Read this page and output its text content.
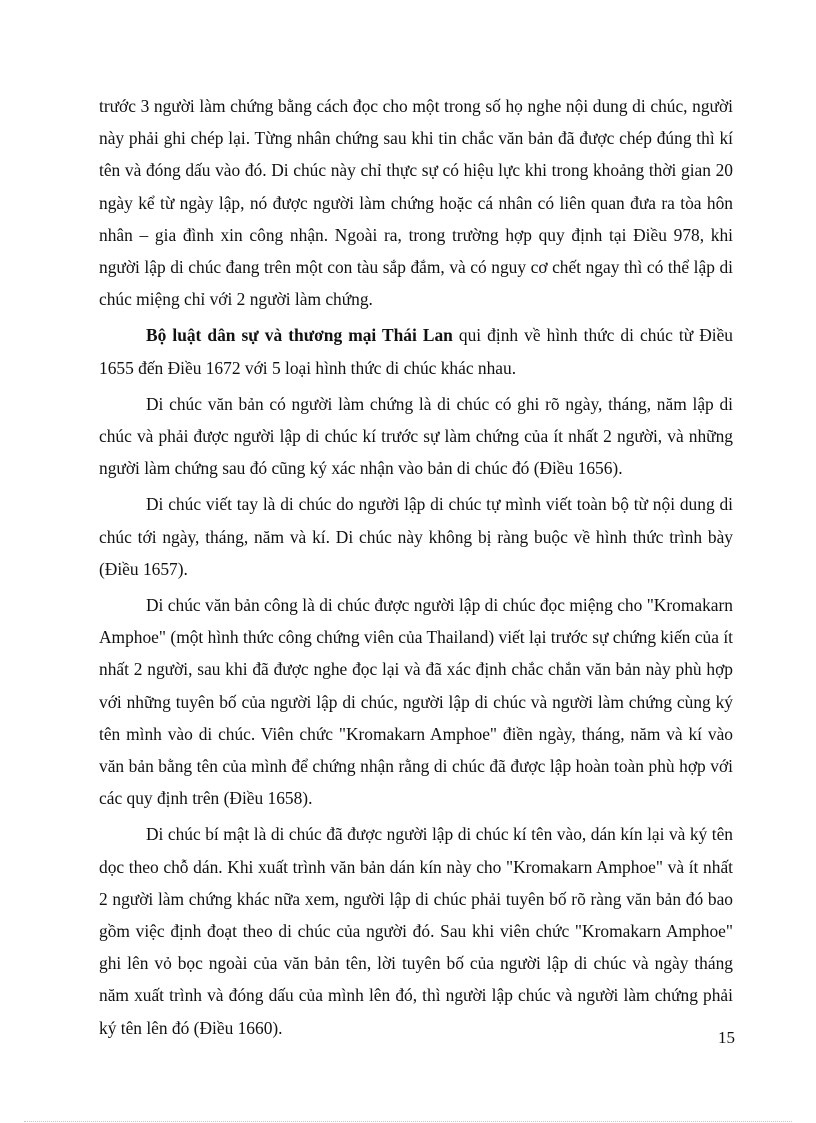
trước 3 người làm chứng bằng cách đọc cho một trong số họ nghe nội dung di chúc, người này phải ghi chép lại. Từng nhân chứng sau khi tin chắc văn bản đã được chép đúng thì kí tên và đóng dấu vào đó. Di chúc này chỉ thực sự có hiệu lực khi trong khoảng thời gian 20 ngày kể từ ngày lập, nó được người làm chứng hoặc cá nhân có liên quan đưa ra tòa hôn nhân – gia đình xin công nhận. Ngoài ra, trong trường hợp quy định tại Điều 978, khi người lập di chúc đang trên một con tàu sắp đắm, và có nguy cơ chết ngay thì có thể lập di chúc miệng chỉ với 2 người làm chứng.

Bộ luật dân sự và thương mại Thái Lan qui định về hình thức di chúc từ Điều 1655 đến Điều 1672 với 5 loại hình thức di chúc khác nhau.

Di chúc văn bản có người làm chứng là di chúc có ghi rõ ngày, tháng, năm lập di chúc và phải được người lập di chúc kí trước sự làm chứng của ít nhất 2 người, và những người làm chứng sau đó cũng ký xác nhận vào bản di chúc đó (Điều 1656).

Di chúc viết tay là di chúc do người lập di chúc tự mình viết toàn bộ từ nội dung di chúc tới ngày, tháng, năm và kí. Di chúc này không bị ràng buộc về hình thức trình bày (Điều 1657).

Di chúc văn bản công là di chúc được người lập di chúc đọc miệng cho "Kromakarn Amphoe" (một hình thức công chứng viên của Thailand) viết lại trước sự chứng kiến của ít nhất 2 người, sau khi đã được nghe đọc lại và đã xác định chắc chắn văn bản này phù hợp với những tuyên bố của người lập di chúc, người lập di chúc và người làm chứng cùng ký tên mình vào di chúc. Viên chức "Kromakarn Amphoe" điền ngày, tháng, năm và kí vào văn bản bằng tên của mình để chứng nhận rằng di chúc đã được lập hoàn toàn phù hợp với các quy định trên (Điều 1658).

Di chúc bí mật là di chúc đã được người lập di chúc kí tên vào, dán kín lại và ký tên dọc theo chỗ dán. Khi xuất trình văn bản dán kín này cho "Kromakarn Amphoe" và ít nhất 2 người làm chứng khác nữa xem, người lập di chúc phải tuyên bố rõ ràng văn bản đó bao gồm việc định đoạt theo di chúc của người đó. Sau khi viên chức "Kromakarn Amphoe" ghi lên vỏ bọc ngoài của văn bản tên, lời tuyên bố của người lập di chúc và ngày tháng năm xuất trình và đóng dấu của mình lên đó, thì người lập chúc và người làm chứng phải ký tên lên đó (Điều 1660).	15
